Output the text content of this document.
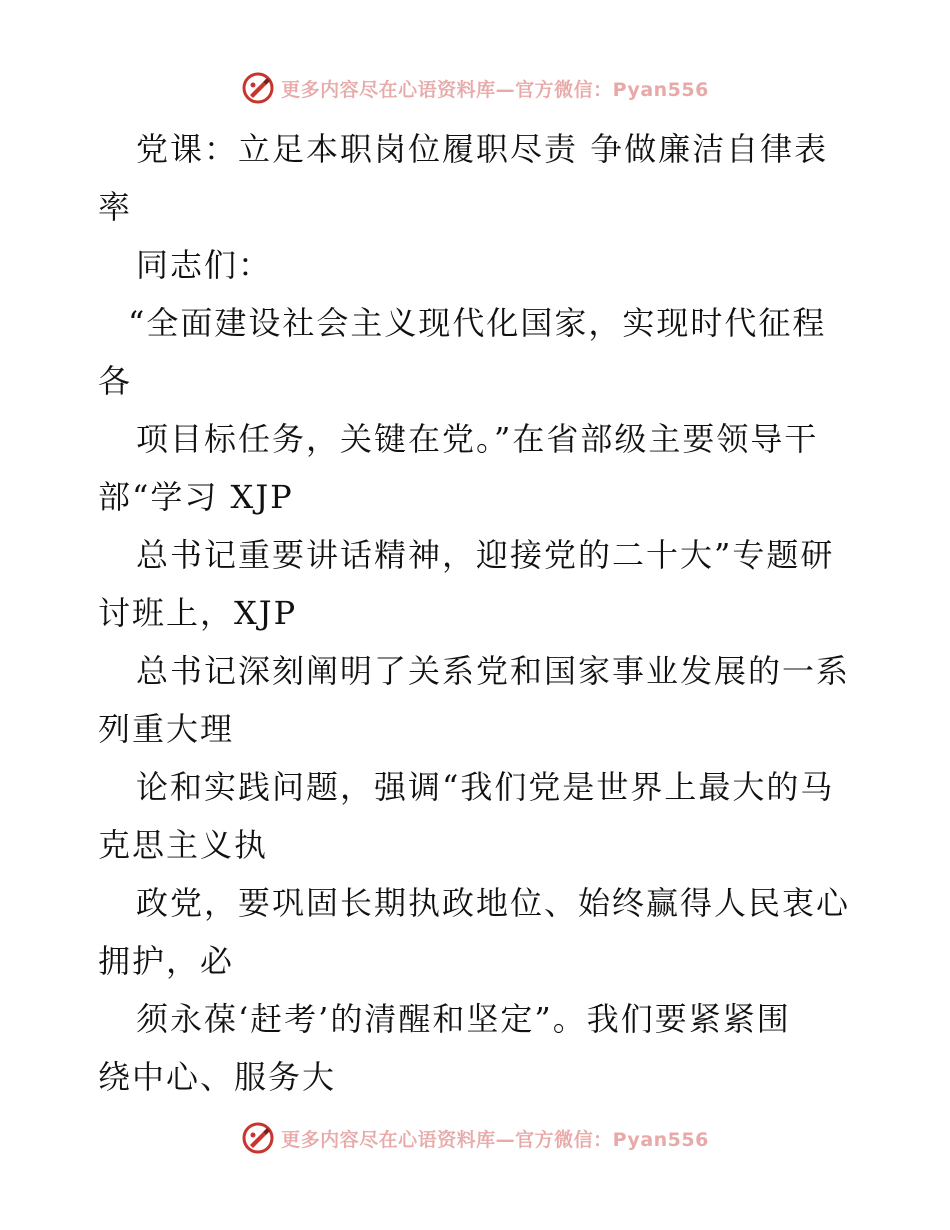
更多内容尽在心语资料库—官方微信：Pyan556
党课：立足本职岗位履职尽责 争做廉洁自律表
率
同志们：
“全面建设社会主义现代化国家，实现时代征程
各
项目标任务，关键在党。”在省部级主要领导干
部“学习 XJP
总书记重要讲话精神，迎接党的二十大”专题研
讨班上，XJP
总书记深刻阐明了关系党和国家事业发展的一系
列重大理
论和实践问题，强调“我们党是世界上最大的马
克思主义执
政党，要巩固长期执政地位、始终赢得人民衷心
拥护，必
须永葆‘赶考’的清醒和坚定”。我们要紧紧围
绕中心、服务大
更多内容尽在心语资料库—官方微信：Pyan556
